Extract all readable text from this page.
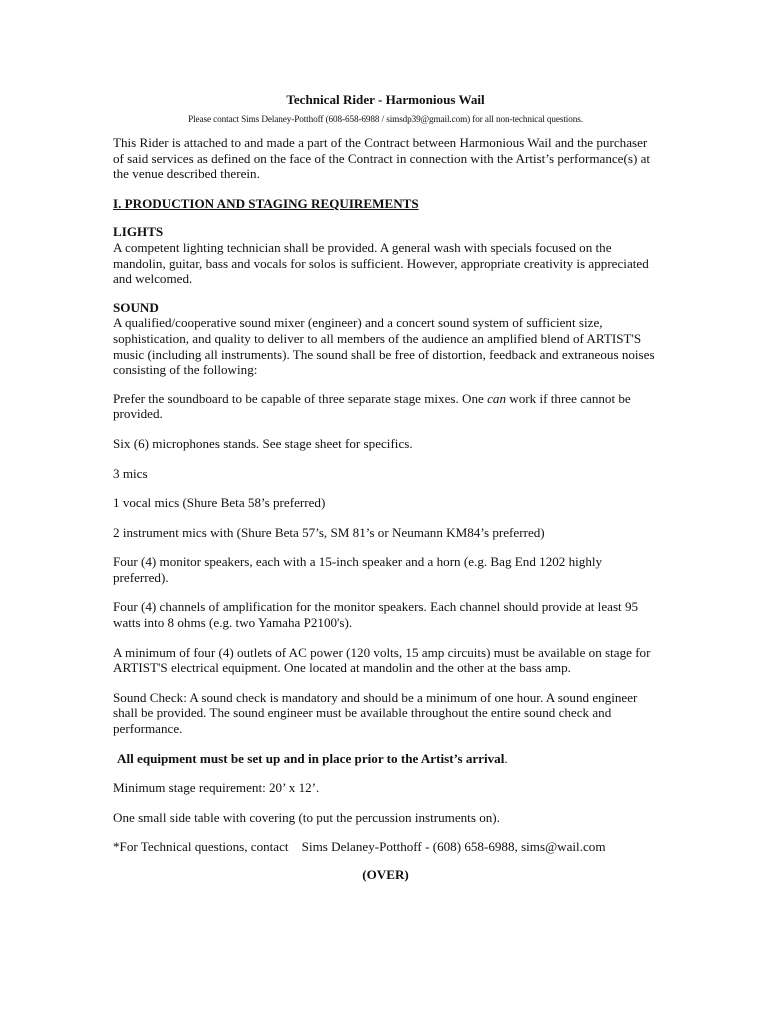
Technical Rider - Harmonious Wail
Please contact Sims Delaney-Potthoff (608-658-6988 / simsdp39@gmail.com) for all non-technical questions.

This Rider is attached to and made a part of the Contract between Harmonious Wail and the purchaser of said services as defined on the face of the Contract in connection with the Artist’s performance(s) at the venue described therein.

I. PRODUCTION AND STAGING REQUIREMENTS
LIGHTS
A competent lighting technician shall be provided. A general wash with specials focused on the mandolin, guitar, bass and vocals for solos is sufficient. However, appropriate creativity is appreciated and welcomed.
SOUND
A qualified/cooperative sound mixer (engineer) and a concert sound system of sufficient size, sophistication, and quality to deliver to all members of the audience an amplified blend of ARTIST'S music (including all instruments). The sound shall be free of distortion, feedback and extraneous noises consisting of the following:

Prefer the soundboard to be capable of three separate stage mixes. One can work if three cannot be provided.

Six (6) microphones stands. See stage sheet for specifics.

3 mics

1 vocal mics (Shure Beta 58’s preferred)

2 instrument mics with (Shure Beta 57’s, SM 81’s or Neumann KM84’s preferred)

Four (4) monitor speakers, each with a 15-inch speaker and a horn (e.g. Bag End 1202 highly preferred).

Four (4) channels of amplification for the monitor speakers. Each channel should provide at least 95 watts into 8 ohms (e.g. two Yamaha P2100's).

A minimum of four (4) outlets of AC power (120 volts, 15 amp circuits) must be available on stage for ARTIST'S electrical equipment. One located at mandolin and the other at the bass amp.

Sound Check: A sound check is mandatory and should be a minimum of one hour. A sound engineer shall be provided. The sound engineer must be available throughout the entire sound check and performance.

All equipment must be set up and in place prior to the Artist’s arrival.

Minimum stage requirement: 20’ x 12’.

One small side table with covering (to put the percussion instruments on).

*For Technical questions, contact    Sims Delaney-Potthoff - (608) 658-6988, sims@wail.com

(OVER)
